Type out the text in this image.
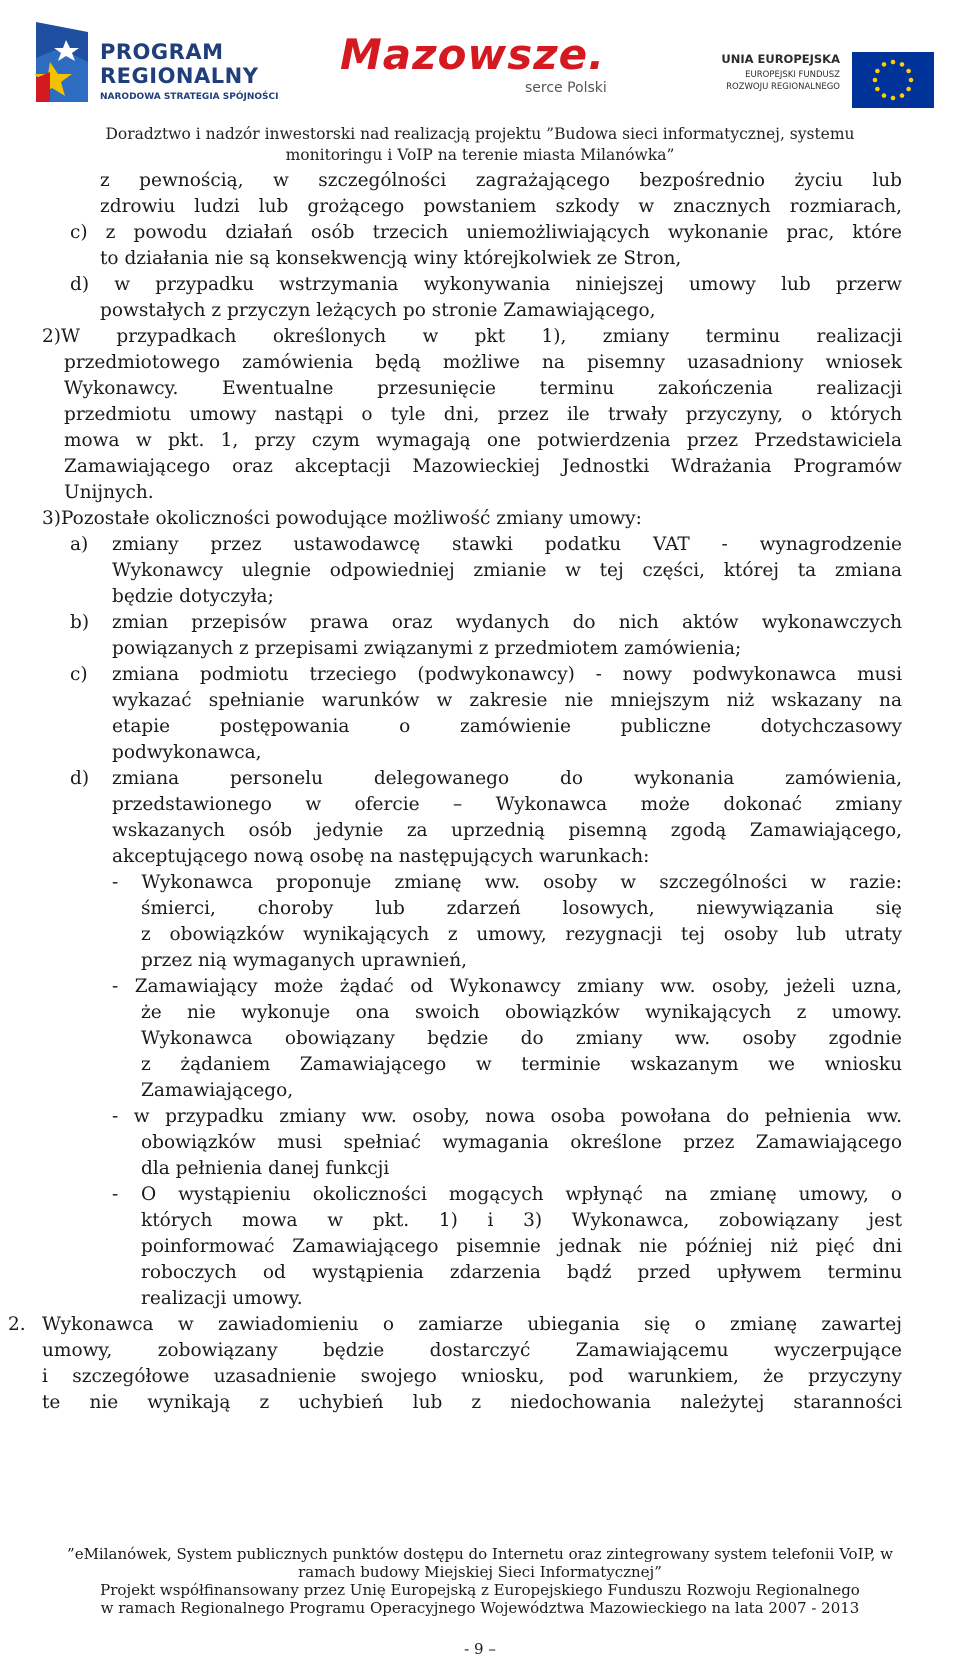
PROGRAM
REGIONALNY
NARODOWA STRATEGIA SPÓJNOŚCI
Mazowsze.
serce Polski
UNIA EUROPEJSKA
EUROPEJSKI FUNDUSZ
ROZWOJU REGIONALNEGO
Doradztwo i nadzór inwestorski nad realizacją projektu ”Budowa sieci informatycznej, systemu
monitoringu i VoIP na terenie miasta Milanówka”
z pewnością, w szczególności zagrażającego bezpośrednio życiu lub
zdrowiu ludzi lub grożącego powstaniem szkody w znacznych rozmiarach,
c) z powodu działań osób trzecich uniemożliwiających wykonanie prac, które
to działania nie są konsekwencją winy którejkolwiek ze Stron,
d) w przypadku wstrzymania wykonywania niniejszej umowy lub przerw
powstałych z przyczyn leżących po stronie Zamawiającego,
2)W przypadkach określonych w pkt 1), zmiany terminu realizacji
przedmiotowego zamówienia będą możliwe na pisemny uzasadniony wniosek
Wykonawcy. Ewentualne przesunięcie terminu zakończenia realizacji
przedmiotu umowy nastąpi o tyle dni, przez ile trwały przyczyny, o których
mowa w pkt. 1, przy czym wymagają one potwierdzenia przez Przedstawiciela
Zamawiającego oraz akceptacji Mazowieckiej Jednostki Wdrażania Programów
Unijnych.
3)Pozostałe okoliczności powodujące możliwość zmiany umowy:
a) zmiany przez ustawodawcę stawki podatku VAT - wynagrodzenie
Wykonawcy ulegnie odpowiedniej zmianie w tej części, której ta zmiana
będzie dotyczyła;
b) zmian przepisów prawa oraz wydanych do nich aktów wykonawczych
powiązanych z przepisami związanymi z przedmiotem zamówienia;
c) zmiana podmiotu trzeciego (podwykonawcy) - nowy podwykonawca musi
wykazać spełnianie warunków w zakresie nie mniejszym niż wskazany na
etapie postępowania o zamówienie publiczne dotychczasowy
podwykonawca,
d) zmiana personelu delegowanego do wykonania zamówienia,
przedstawionego w ofercie – Wykonawca może dokonać zmiany
wskazanych osób jedynie za uprzednią pisemną zgodą Zamawiającego,
akceptującego nową osobę na następujących warunkach:
- Wykonawca proponuje zmianę ww. osoby w szczególności w razie:
śmierci, choroby lub zdarzeń losowych, niewywiązania się
z obowiązków wynikających z umowy, rezygnacji tej osoby lub utraty
przez nią wymaganych uprawnień,
- Zamawiający może żądać od Wykonawcy zmiany ww. osoby, jeżeli uzna,
że nie wykonuje ona swoich obowiązków wynikających z umowy.
Wykonawca obowiązany będzie do zmiany ww. osoby zgodnie
z żądaniem Zamawiającego w terminie wskazanym we wniosku
Zamawiającego,
- w przypadku zmiany ww. osoby, nowa osoba powołana do pełnienia ww.
obowiązków musi spełniać wymagania określone przez Zamawiającego
dla pełnienia danej funkcji
- O wystąpieniu okoliczności mogących wpłynąć na zmianę umowy, o
których mowa w pkt. 1) i 3) Wykonawca, zobowiązany jest
poinformować Zamawiającego pisemnie jednak nie później niż pięć dni
roboczych od wystąpienia zdarzenia bądź przed upływem terminu
realizacji umowy.
2. Wykonawca w zawiadomieniu o zamiarze ubiegania się o zmianę zawartej
umowy, zobowiązany będzie dostarczyć Zamawiającemu wyczerpujące
i szczegółowe uzasadnienie swojego wniosku, pod warunkiem, że przyczyny
te nie wynikają z uchybień lub z niedochowania należytej staranności
”eMilanówek, System publicznych punktów dostępu do Internetu oraz zintegrowany system telefonii VoIP, w
ramach budowy Miejskiej Sieci Informatycznej”
Projekt współfinansowany przez Unię Europejską z Europejskiego Funduszu Rozwoju Regionalnego
w ramach Regionalnego Programu Operacyjnego Województwa Mazowieckiego na lata 2007 - 2013
- 9 –
